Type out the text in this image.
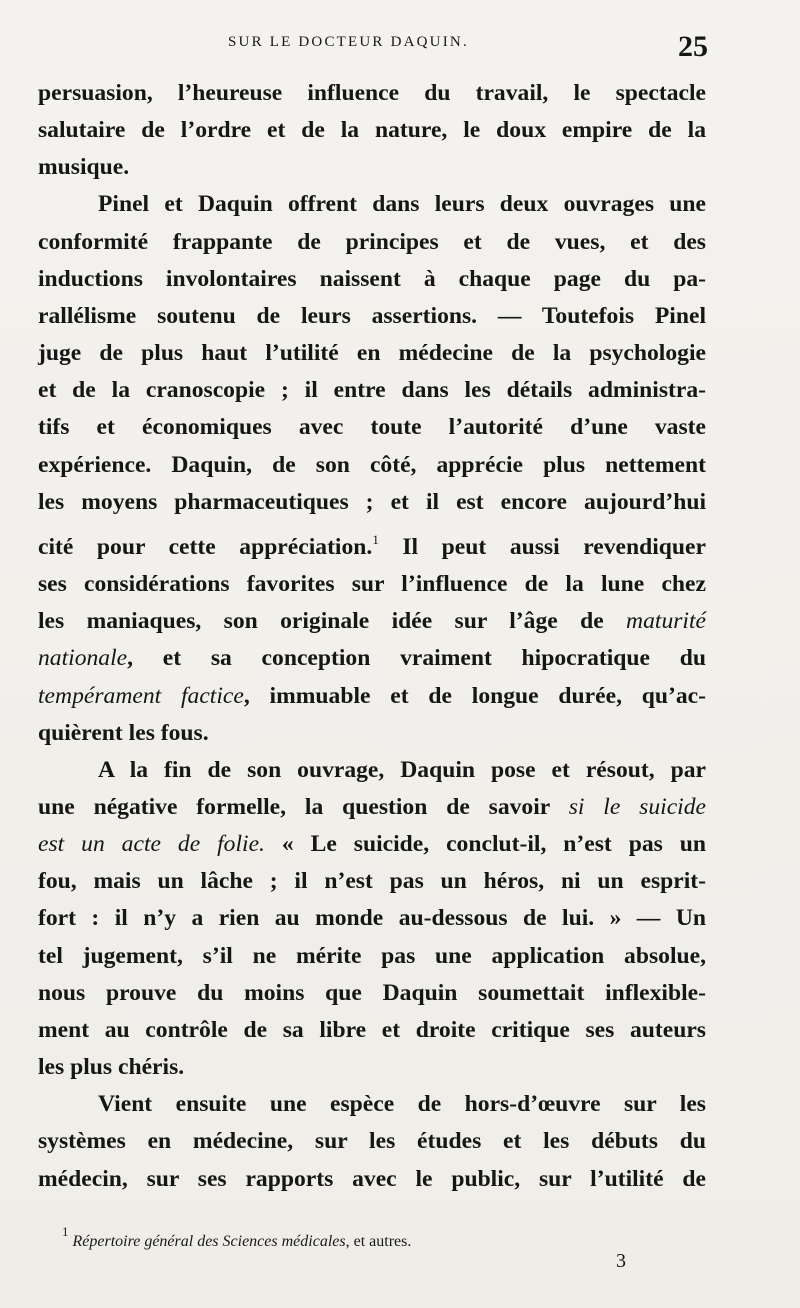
SUR LE DOCTEUR DAQUIN.	25

persuasion, l’heureuse influence du travail, le spectacle
salutaire de l’ordre et de la nature, le doux empire de la
musique.

Pinel et Daquin offrent dans leurs deux ouvrages une
conformité frappante de principes et de vues, et des
inductions involontaires naissent à chaque page du pa-
rallélisme soutenu de leurs assertions. — Toutefois Pinel
juge de plus haut l’utilité en médecine de la psychologie
et de la cranoscopie ; il entre dans les détails administra-
tifs et économiques avec toute l’autorité d’une vaste
expérience. Daquin, de son côté, apprécie plus nettement
les moyens pharmaceutiques ; et il est encore aujourd’hui
cité pour cette appréciation.$^1$ Il peut aussi revendiquer
ses considérations favorites sur l’influence de la lune chez
les maniaques, son originale idée sur l’âge de maturité
nationale, et sa conception vraiment hipocratique du
tempérament factice, immuable et de longue durée, qu’ac-
quièrent les fous.

A la fin de son ouvrage, Daquin pose et résout, par
une négative formelle, la question de savoir si le suicide
est un acte de folie. « Le suicide, conclut-il, n’est pas un
fou, mais un lâche ; il n’est pas un héros, ni un esprit-
fort : il n’y a rien au monde au-dessous de lui. » — Un
tel jugement, s’il ne mérite pas une application absolue,
nous prouve du moins que Daquin soumettait inflexible-
ment au contrôle de sa libre et droite critique ses auteurs
les plus chéris.

Vient ensuite une espèce de hors-d’œuvre sur les
systèmes en médecine, sur les études et les débuts du
médecin, sur ses rapports avec le public, sur l’utilité de

$^1$ Répertoire général des Sciences médicales, et autres.
3
